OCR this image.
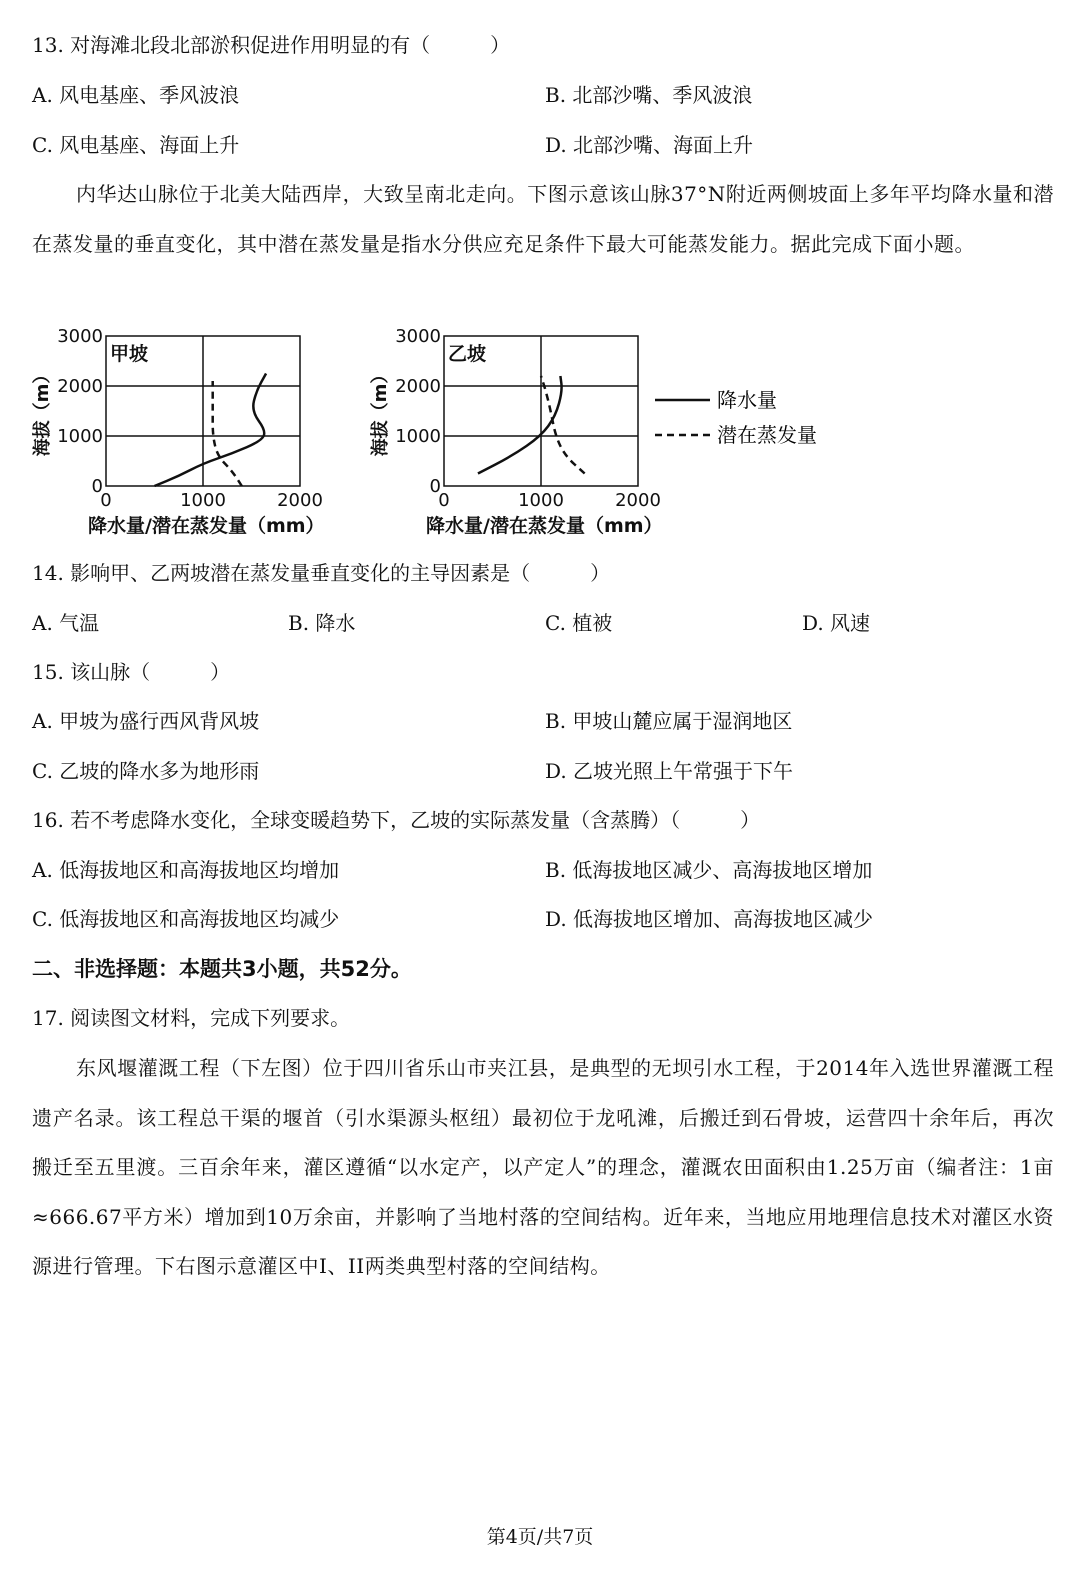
13. 对海滩北段北部淤积促进作用明显的有（　　　）
A. 风电基座、季风波浪	B. 北部沙嘴、季风波浪
C. 风电基座、海面上升	D. 北部沙嘴、海面上升
内华达山脉位于北美大陆西岸，大致呈南北走向。下图示意该山脉37°N附近两侧坡面上多年平均降水量和潜在蒸发量的垂直变化，其中潜在蒸发量是指水分供应充足条件下最大可能蒸发能力。据此完成下面小题。
0
1000
2000
3000
0	1000	2000
甲坡
降水量/潜在蒸发量（mm）
海拔（m）
0
1000
2000
3000
0	1000	2000
乙坡
降水量/潜在蒸发量（mm）
海拔（m）	降水量
潜在蒸发量
14. 影响甲、乙两坡潜在蒸发量垂直变化的主导因素是（　　　）
A. 气温	B. 降水	C. 植被	D. 风速
15. 该山脉（　　　）
A. 甲坡为盛行西风背风坡	B. 甲坡山麓应属于湿润地区
C. 乙坡的降水多为地形雨	D. 乙坡光照上午常强于下午
16. 若不考虑降水变化，全球变暖趋势下，乙坡的实际蒸发量（含蒸腾）（　　　）
A. 低海拔地区和高海拔地区均增加	B. 低海拔地区减少、高海拔地区增加
C. 低海拔地区和高海拔地区均减少	D. 低海拔地区增加、高海拔地区减少
二、非选择题：本题共3小题，共52分。
17. 阅读图文材料，完成下列要求。
东风堰灌溉工程（下左图）位于四川省乐山市夹江县，是典型的无坝引水工程，于2014年入选世界灌溉工程遗产名录。该工程总干渠的堰首（引水渠源头枢纽）最初位于龙吼滩，后搬迁到石骨坡，运营四十余年后，再次搬迁至五里渡。三百余年来，灌区遵循“以水定产，以产定人”的理念，灌溉农田面积由1.25万亩（编者注：1亩≈666.67平方米）增加到10万余亩，并影响了当地村落的空间结构。近年来，当地应用地理信息技术对灌区水资源进行管理。下右图示意灌区中I、II两类典型村落的空间结构。
第4页/共7页
